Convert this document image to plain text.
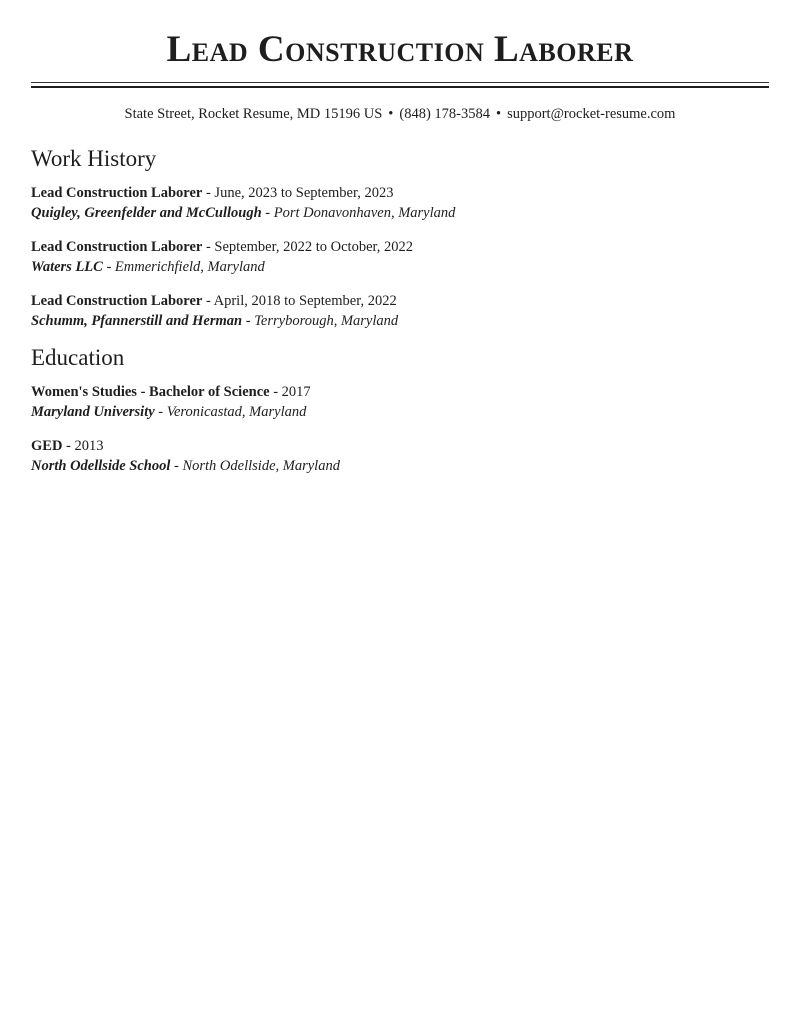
Lead Construction Laborer
State Street, Rocket Resume, MD 15196 US • (848) 178-3584 • support@rocket-resume.com
Work History
Lead Construction Laborer - June, 2023 to September, 2023
Quigley, Greenfelder and McCullough - Port Donavonhaven, Maryland
Lead Construction Laborer - September, 2022 to October, 2022
Waters LLC - Emmerichfield, Maryland
Lead Construction Laborer - April, 2018 to September, 2022
Schumm, Pfannerstill and Herman - Terryborough, Maryland
Education
Women's Studies - Bachelor of Science - 2017
Maryland University - Veronicastad, Maryland
GED - 2013
North Odellside School - North Odellside, Maryland
